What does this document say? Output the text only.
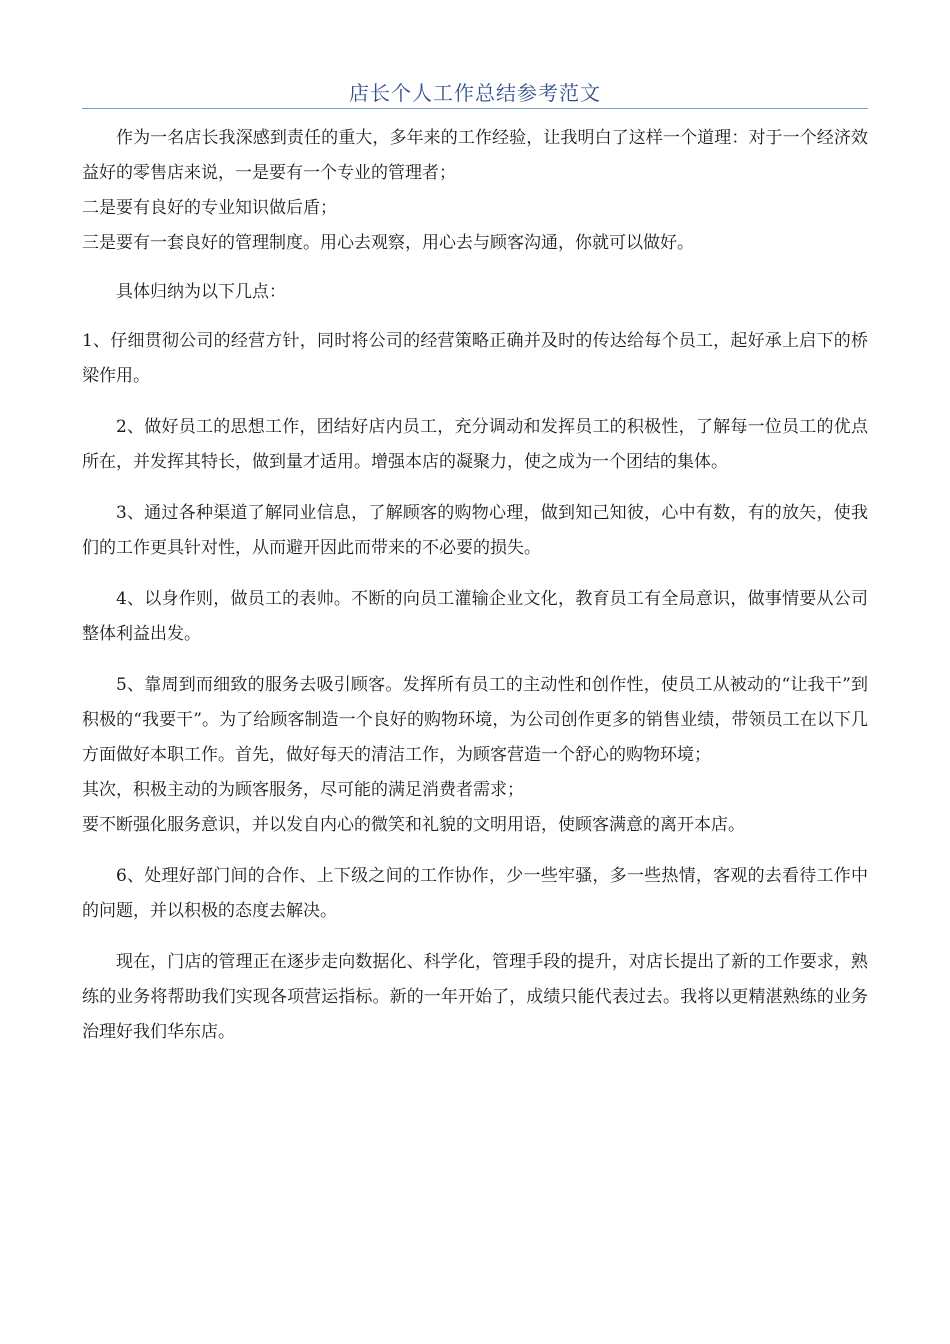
店长个人工作总结参考范文

作为一名店长我深感到责任的重大，多年来的工作经验，让我明白了这样一个道理：对于一个经济效益好的零售店来说，一是要有一个专业的管理者；

二是要有良好的专业知识做后盾；

三是要有一套良好的管理制度。用心去观察，用心去与顾客沟通，你就可以做好。

具体归纳为以下几点：

1、仔细贯彻公司的经营方针，同时将公司的经营策略正确并及时的传达给每个员工，起好承上启下的桥梁作用。

2、做好员工的思想工作，团结好店内员工，充分调动和发挥员工的积极性，了解每一位员工的优点所在，并发挥其特长，做到量才适用。增强本店的凝聚力，使之成为一个团结的集体。

3、通过各种渠道了解同业信息，了解顾客的购物心理，做到知己知彼，心中有数，有的放矢，使我们的工作更具针对性，从而避开因此而带来的不必要的损失。

4、以身作则，做员工的表帅。不断的向员工灌输企业文化，教育员工有全局意识，做事情要从公司整体利益出发。

5、靠周到而细致的服务去吸引顾客。发挥所有员工的主动性和创作性，使员工从被动的“让我干”到积极的“我要干”。为了给顾客制造一个良好的购物环境，为公司创作更多的销售业绩，带领员工在以下几方面做好本职工作。首先，做好每天的清洁工作，为顾客营造一个舒心的购物环境；

其次，积极主动的为顾客服务，尽可能的满足消费者需求；

要不断强化服务意识，并以发自内心的微笑和礼貌的文明用语，使顾客满意的离开本店。

6、处理好部门间的合作、上下级之间的工作协作，少一些牢骚，多一些热情，客观的去看待工作中的问题，并以积极的态度去解决。

现在，门店的管理正在逐步走向数据化、科学化，管理手段的提升，对店长提出了新的工作要求，熟练的业务将帮助我们实现各项营运指标。新的一年开始了，成绩只能代表过去。我将以更精湛熟练的业务治理好我们华东店。
